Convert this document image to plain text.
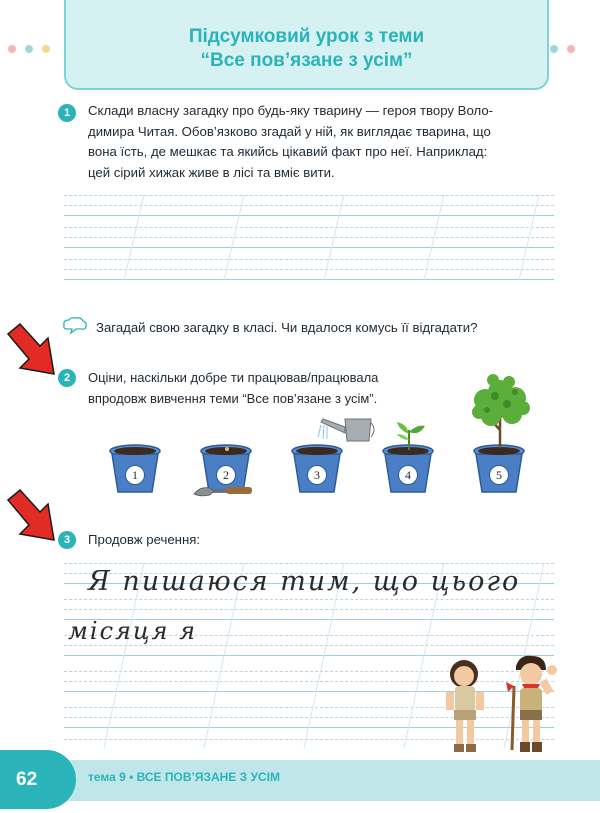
Підсумковий урок з теми
“Все пов’язане з усім”
1	Склади власну загадку про будь-яку тварину — героя твору Воло-
димира Читая. Обов’язково згадай у ній, як виглядає тварина, що
вона їсть, де мешкає та якийсь цікавий факт про неї. Наприклад:
цей сірий хижак живе в лісі та вміє вити.
Загадай свою загадку в класі. Чи вдалося комусь її відгадати?
2	Оціни, наскільки добре ти працював/працювала
впродовж вивчення теми “Все пов’язане з усім”.
1	2	3	4	5
3	Продовж речення:
Я пишаюся тим, що цього
місяця я
62	тема 9 • ВСЕ ПОВ’ЯЗАНЕ З УСІМ
